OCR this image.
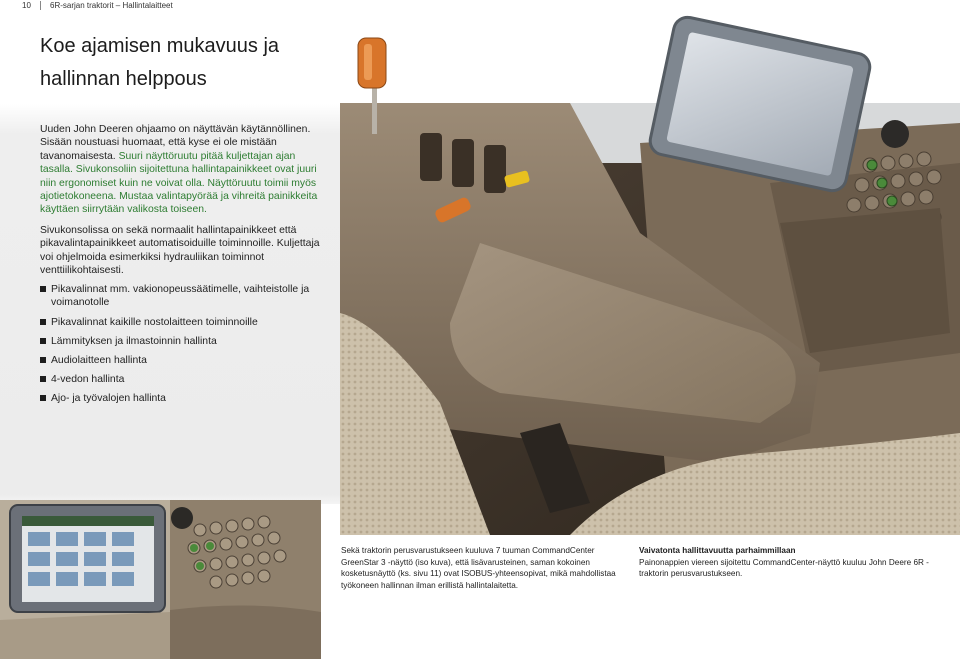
10 6R-sarjan traktorit – Hallintalaitteet
Koe ajamisen mukavuus ja
hallinnan helppous

Uuden John Deeren ohjaamo on näyttävän käytännöllinen. Sisään noustuasi huomaat, että kyse ei ole mistään tavanomaisesta. Suuri näyttöruutu pitää kuljettajan ajan tasalla. Sivukonsoliin sijoitettuna hallintapainikkeet ovat juuri niin ergonomiset kuin ne voivat olla. Näyttöruutu toimii myös ajotietokoneena. Mustaa valintapyörää ja vihreitä painikkeita käyttäen siirrytään valikosta toiseen.

Sivukonsolissa on sekä normaalit hallintapainikkeet että pikavalintapainikkeet automatisoiduille toiminnoille. Kuljettaja voi ohjelmoida esimerkiksi hydrauliikan toiminnot venttiilikohtaisesti.

Pikavalinnat mm. vakionopeussäätimelle, vaihteistolle ja voimanotolle
Pikavalinnat kaikille nostolaitteen toiminnoille
Lämmityksen ja ilmastoinnin hallinta
Audiolaitteen hallinta
4-vedon hallinta
Ajo- ja työvalojen hallinta

Sekä traktorin perusvarustukseen kuuluva 7 tuuman CommandCenter GreenStar 3 -näyttö (iso kuva), että lisävarusteinen, saman kokoinen kosketusnäyttö (ks. sivu 11) ovat ISOBUS-yhteensopivat, mikä mahdollistaa työkoneen hallinnan ilman erillistä hallintalaitetta.

Vaivatonta hallittavuutta parhaimmillaan
Painonappien viereen sijoitettu CommandCenter-näyttö kuuluu John Deere 6R -traktorin perusvarustukseen.
